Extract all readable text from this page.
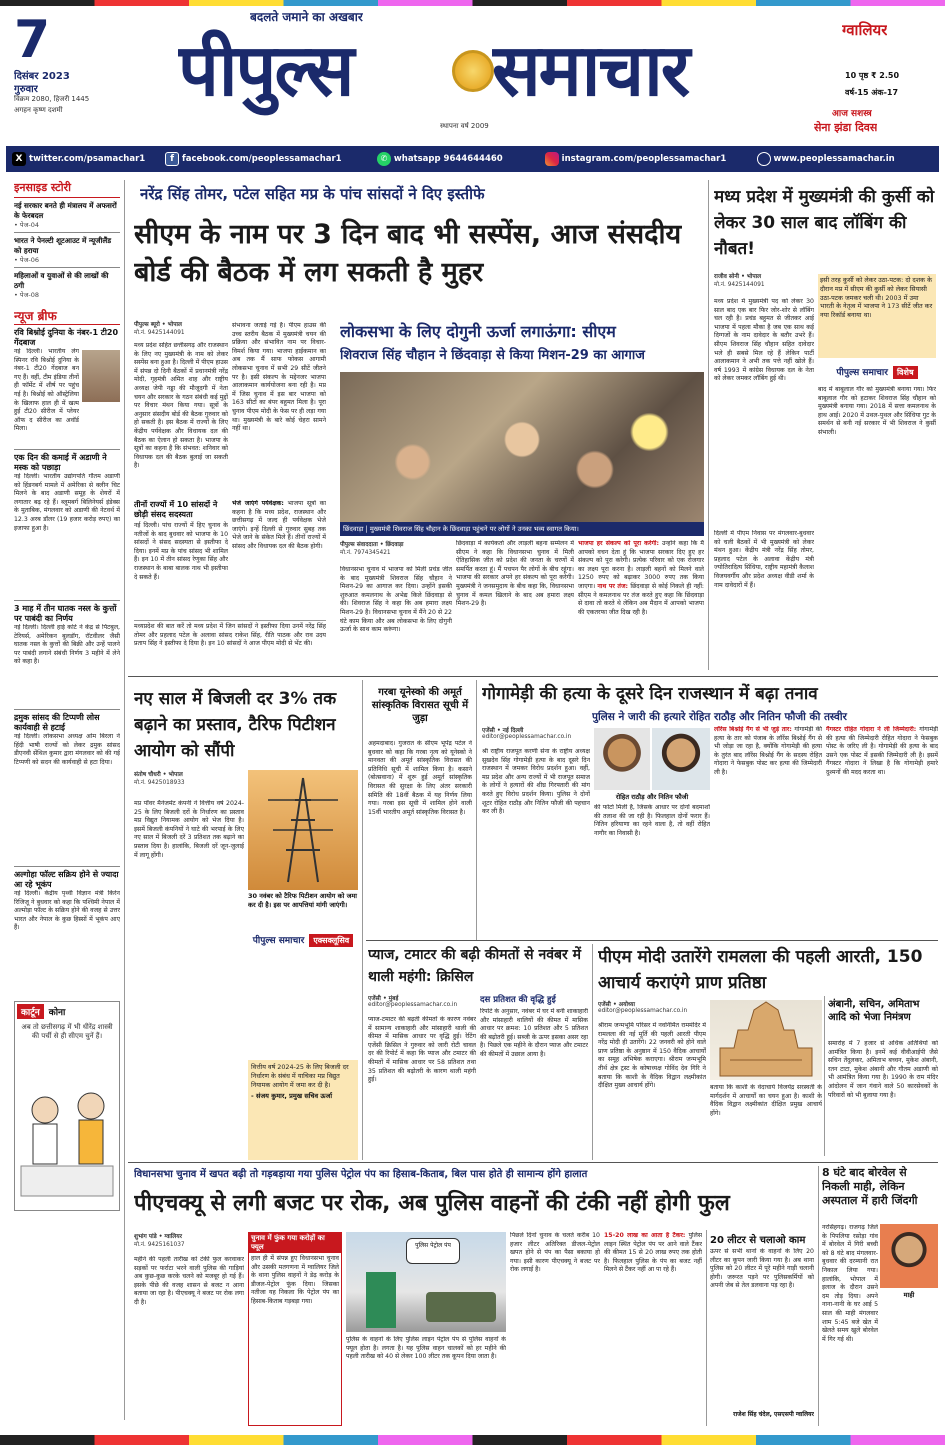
7
दिसंबर 2023
गुरुवार
विक्रम 2080, हिजरी 1445
अगहन कृष्ण दशमी
बदलते जमाने का अखबार
पीपुल्स	समाचार
स्थापना वर्ष 2009
ग्वालियर
10 पृष्ठ ₹ 2.50
वर्ष-15 अंक-17
आज सशस्त्र
सेना झंडा दिवस
X twitter.com/psamachar1	f facebook.com/peoplessamachar1	✆ whatsapp 9644644460	instagram.com/peoplessamachar1	www.peoplessamachar.in
इनसाइड स्टोरी
नई सरकार बनते ही मंत्रालय में अफसरों के फेरबदल
• पेज-04
भारत ने पेनल्टी शूटआउट में न्यूजीलैंड को हराया
• पेज-06
महिलाओं व युवाओं से की लाखों की ठगी
• पेज-08
न्यूज ब्रीफ
रवि बिश्नोई दुनिया के नंबर-1 टी20 गेंदबाज
नई दिल्ली। भारतीय लेग स्पिनर रवि बिश्नोई दुनिया के नंबर-1 टी20 गेंदबाज बन गए हैं। वहीं, टीम इंडिया तीनों ही फॉर्मेट में शीर्ष पर पहुंच गई है। बिश्नोई को ऑस्ट्रेलिया के खिलाफ हाल ही में खत्म हुई टी20 सीरीज में प्लेयर ऑफ द सीरीज का अवॉर्ड मिला।
एक दिन की कमाई में अडाणी ने मस्क को पछाड़ा
नई दिल्ली। भारतीय उद्योगपति गौतम अडाणी को हिंडनबर्ग मामले में अमेरिका से क्लीन चिट मिलने के बाद अडाणी समूह के शेयरों में लगातार बढ़ रहे हैं। ब्लूमबर्ग बिलिनेयर्स इंडेक्स के मुताबिक, मंगलवार को अडाणी की नेटवर्थ में 12.3 अरब डॉलर (19 हजार करोड़ रुपए) का इजाफा हुआ है।
3 माह में तीन घातक नस्ल के कुत्तों पर पाबंदी का निर्णय
नई दिल्ली। दिल्ली हाई कोर्ट ने केंद्र से पिटबुल, टेरियर्स, अमेरिकन बुलडॉग, रॉटवीलर जैसी घातक नस्ल के कुत्तों की बिक्री और उन्हें पालने पर पाबंदी लगाने संबंधी निर्णय 3 महीने में लेने को कहा है।
द्रमुक सांसद की टिप्पणी लोस कार्यवाही से हटाई
नई दिल्ली। लोकसभा अध्यक्ष ओम बिरला ने हिंदी भाषी राज्यों को लेकर द्रमुक सांसद डीएनवी सेंथिल कुमार द्वारा मंगलवार को की गई टिप्पणी को सदन की कार्यवाही से हटा दिया।
अल्गोहा फॉल्ट सक्रिय होने से ज्यादा आ रहे भूकंप
नई दिल्ली। केंद्रीय पृथ्वी विज्ञान मंत्री किरेन रिजिजू ने बुधवार को कहा कि पश्चिमी नेपाल में अल्मोड़ा फॉल्ट के सक्रिय होने की वजह से उत्तर भारत और नेपाल के कुछ हिस्सों में भूकंप आए हैं।
कार्टून	कोना
अब तो छत्तीसगढ़ में भी धीरेंद्र शास्त्री की पर्ची से ही सीएम चुनें हैं।
नरेंद्र सिंह तोमर, पटेल सहित मप्र के पांच सांसदों ने दिए इस्तीफे
सीएम के नाम पर 3 दिन बाद भी सस्पेंस, आज संसदीय बोर्ड की बैठक में लग सकती है मुहर
पीपुल्स ब्यूरो • भोपाल
मो.नं. 9425144091
मध्य प्रदेश सहित छत्तीसगढ़ और राजस्थान के लिए नए मुख्यमंत्री के नाम को लेकर सस्पेंस बना हुआ है। दिल्ली में पीएम हाउस में संपन्न दो दिनी बैठकों में प्रधानमंत्री नरेंद्र मोदी, गृहमंत्री अमित शाह और राष्ट्रीय अध्यक्ष जेपी नड्डा की मौजूदगी में नेता चयन और सरकार के गठन संबंधी कई मुद्दों पर विचार मंथन किया गया। सूत्रों के अनुसार संसदीय बोर्ड की बैठक गुरुवार को हो सकती है। इस बैठक में राज्यों के लिए केंद्रीय पर्यवेक्षक और विधायक दल की बैठक का ऐलान हो सकता है। भाजपा के सूत्रों का कहना है कि संभवत: शनिवार को विधायक दल की बैठक बुलाई जा सकती है।
संभावना जताई गई है। पीएम हाउस की उच्च स्तरीय बैठक में मुख्यमंत्री चयन की प्रक्रिया और संभावित नाम पर विचार-विमर्श किया गया। भाजपा हाईकमान का अब तक मैं साफ फोकस आगामी लोकसभा चुनाव में सभी 29 सीटें जीतने पर है। इसी संकल्प के मद्देनजर भाजपा आलाकमान कार्ययोजना बना रही है। मप्र में जिस चुनाव में इस बार भाजपा को 163 सीटों का बंपर बहुमत मिला है। पूरा चुनाव पीएम मोदी के फेस पर ही लड़ा गया था। मुख्यमंत्री के बारे कोई चेहरा सामने नहीं था।
भेजे जाएंगे पर्यवेक्षक: भाजपा सूत्रों का कहना है कि मध्य प्रदेश, राजस्थान और छत्तीसगढ़ में जल्द ही पर्यवेक्षक भेजे जाएंगे। इन्हें दिल्ली से गुरुवार सुबह तक भेजे जाने के संकेत मिले हैं। तीनों राज्यों में सांसद और विधायक दल की बैठक होगी।
तीनों राज्यों में 10 सांसदों ने छोड़ी संसद सदस्यता
नई दिल्ली। पांच राज्यों में हिए चुनाव के नतीजों के बाद बुधवार को भाजपा के 10 सांसदों ने संसद सदस्यता से इस्तीफा दे दिया। इनमें मप्र के पांच सांसद भी शामिल हैं। इन 10 में तीन सांसद रेणुका सिंह और राजस्थान के बाबा बालक नाथ भी इस्तीफा दे सकते हैं।
मध्यप्रदेश की बात करें तो मध्य प्रदेश में जिन सांसदों ने इस्तीफा दिया उनमें नरेंद्र सिंह तोमर और प्रहलाद पटेल के अलावा सांसद राकेश सिंह, रीति पाठक और राव उदय प्रताप सिंह ने इस्तीफा दे दिया है। इन 10 सांसदों ने आज पीएम मोदी से भेंट की।
लोकसभा के लिए दोगुनी ऊर्जा लगाऊंगा: सीएम
शिवराज सिंह चौहान ने छिंदवाड़ा से किया मिशन-29 का आगाज
छिंदवाड़ा | मुख्यमंत्री शिवराज सिंह चौहान के छिंदवाड़ा पहुंचने पर लोगों ने उनका भव्य स्वागत किया।
पीपुल्स संवाददाता • छिंदवाड़ा
मो.नं. 7974345421
विधानसभा चुनाव में भाजपा को मिली प्रचंड जीत के बाद मुख्यमंत्री शिवराज सिंह चौहान ने मिशन-29 का आगाज कर दिया। उन्होंने इसकी शुरुआत कमलनाथ के अभेद्य किले छिंदवाड़ा से की। शिवराज सिंह ने कहा कि अब हमारा लक्ष्य मिशन-29 है। विधानसभा चुनाव में मैंने 20 से 22 घंटे काम किया और अब लोकसभा के लिए दोगुनी ऊर्जा के साथ काम करूंगा।
छिंदवाड़ा में कार्यकर्ता और लाड़ली बहना सम्मेलन में सीएम ने कहा कि विधानसभा चुनाव में मिली ऐतिहासिक जीत को प्रदेश की जनता के चरणों में समर्पित करता हूं। मैं पचपन पैर लोगों के बीच रहूंगा। भाजपा की सरकार अपने हर संकल्प को पूरा करेगी। मुख्यमंत्री ने जनसमुदाय के बीच कहा कि, विधानसभा चुनाव में कमल खिलाने के बाद अब हमारा लक्ष्य मिशन-29 है।
भाजपा हर संकल्प को पूरा करेगी: उन्होंने कहा कि मैं आपको वचन देता हूं कि भाजपा सरकार दिए हुए हर संकल्प को पूरा करेगी। प्रत्येक परिवार को एक रोजगार का लक्ष्य पूरा करना है। लाड़ली बहनों को मिलने वाले 1250 रुपए को बढ़ाकर 3000 रुपए तक किया जाएगा। नाथ पर तंज: छिंदवाड़ा से कोई निकले ही नहीं: सीएम ने कमलनाथ पर तंज करते हुए कहा कि छिंदवाड़ा से दावा तो करते थे लेकिन अब मैदान में आपको भाजपा की एकतरफा जीत दिख रही है।
मध्य प्रदेश में मुख्यमंत्री की कुर्सी को लेकर 30 साल बाद लॉबिंग की नौबत!
राजीव सोनी • भोपाल
मो.नं. 9425144091
मध्य प्रदेश में मुख्यमंत्री पद को लेकर 30 साल बाद एक बार फिर जोर-शोर से लॉबिंग चल रही है। प्रचंड बहुमत से जीतकर आई भाजपा में पहला मौका है जब एक साथ कई दिग्गजों के नाम दावेदार के बतौर उभरे हैं। सीएम शिवराज सिंह चौहान सहित दावेदार भले ही सबसे मिल रहे हैं लेकिन पार्टी आलाकमान ने अभी तक पत्ते नहीं खोले हैं। वर्ष 1993 में कांग्रेस विधायक दल के नेता को लेकर जमकर लॉबिंग हुई थी।
दिल्ली में पीएम निवास पर मंगलवार-बुधवार को चली बैठकों में भी मुख्यमंत्री को लेकर मंथन हुआ। केंद्रीय मंत्री नरेंद्र सिंह तोमर, प्रहलाद पटेल के अलावा केंद्रीय मंत्री ज्योतिरादित्य सिंधिया, राष्ट्रीय महामंत्री कैलाश विजयवर्गीय और प्रदेश अध्यक्ष वीडी शर्मा के नाम दावेदारों में हैं।
इसी तरह कुर्सी को लेकर उठा-पटक: दो दशक के दौरान मप्र में सीएम की कुर्सी को लेकर सियासी उठा-पटक जमकर चली थी। 2003 में उमा भारती के नेतृत्व में भाजपा ने 173 सीटें जीत कर नया रिकॉर्ड बनाया था।
पीपुल्स समाचार विशेष
बाद में बाबूलाल गौर को मुख्यमंत्री बनाया गया। फिर बाबूलाल गौर को हटाकर शिवराज सिंह चौहान को मुख्यमंत्री बनाया गया। 2018 में सत्ता कमलनाथ के हाथ आई। 2020 में उथल-पुथल और सिंधिया गुट के समर्थन से बनी नई सरकार में भी शिवराज ने कुर्सी संभाली।
नए साल में बिजली दर 3% तक बढ़ाने का प्रस्ताव, टैरिफ पिटीशन आयोग को सौंपी
संतोष चौधरी • भोपाल
मो.नं. 9425018933
30 नवंबर को टैरिफ पिटीशन आयोग को जमा कर दी है। इस पर आपत्तियां मांगी जाएंगी।
मप्र पॉवर मैनेजमेंट कंपनी ने वित्तीय वर्ष 2024-25 के लिए बिजली दरों के निर्धारण का प्रस्ताव मप्र विद्युत नियामक आयोग को भेज दिया है। इसमें बिजली कंपनियों ने घाटे की भरपाई के लिए नए साल में बिजली दरें 3 प्रतिशत तक बढ़ाने का प्रस्ताव दिया है। हालांकि, बिजली दरें जून-जुलाई में लागू होंगी।
पीपुल्स समाचार एक्सक्लूसिव
वित्तीय वर्ष 2024-25 के लिए बिजली दर निर्धारण के संबंध में याचिका मप्र विद्युत नियामक आयोग में जमा कर दी है।
- संजय कुमार, प्रमुख सचिव ऊर्जा
गरबा यूनेस्को की अमूर्त सांस्कृतिक विरासत सूची में जुड़ा
अहमदाबाद। गुजरात के सीएम भूपेंद्र पटेल ने बुधवार को कहा कि गरबा नृत्य को यूनेस्को ने मानवता की अमूर्त सांस्कृतिक विरासत की प्रतिनिधि सूची में शामिल किया है। कसाने (बोत्सवाना) में शुरू हुई अमूर्त सांस्कृतिक विरासत की सुरक्षा के लिए अंतर सरकारी समिति की 18वीं बैठक में यह निर्णय लिया गया। गरबा इस सूची में शामिल होने वाली 15वीं भारतीय अमूर्त सांस्कृतिक विरासत है।
गोगामेड़ी की हत्या के दूसरे दिन राजस्थान में बढ़ा तनाव
पुलिस ने जारी की हत्यारे रोहित राठौड़ और नितिन फौजी की तस्वीर
एजेंसी • नई दिल्ली
editor@peoplessamachar.co.in
श्री राष्ट्रीय राजपूत करणी सेना के राष्ट्रीय अध्यक्ष सुखदेव सिंह गोगामेड़ी हत्या के बाद दूसरे दिन राजस्थान में जमकर विरोध प्रदर्शन हुआ। वहीं, मप्र प्रदेश और अन्य राज्यों में भी राजपूत समाज के लोगों ने हत्यारों की शीघ्र गिरफ्तारी की मांग करते हुए विरोध प्रदर्शन किया। पुलिस ने दोनों शूटर रोहित राठौड़ और नितिन फौजी की पहचान कर ली है।
रोहित राठौड़ और नितिन फौजी
की फोटो मिली है, जिसके आधार पर दोनों बदमाशों की तलाश की जा रही है। फिलहाल दोनों फरार हैं। नितिन हरियाणा का रहने वाला है, तो वहीं रोहित नागौर का निवासी है।
लॉरेंस बिश्नोई गैंग से भी जुड़े तार: गोगामेड़ी की हत्या के तार को पंजाब के लॉरेंस बिश्नोई गैंग से भी जोड़ा जा रहा है, क्योंकि गोगामेड़ी की हत्या के तुरंत बाद लॉरेंस बिश्नोई गैंग के सदस्य रोहित गोदारा ने फेसबुक पोस्ट कर हत्या की जिम्मेदारी ली है।
गैंगस्टर रोहित गोदारा ने ली जिम्मेदारी: गोगामेड़ी की हत्या की जिम्मेदारी रोहित गोदारा ने फेसबुक पोस्ट के जरिए ली है। गोगामेड़ी की हत्या के बाद उसने एक पोस्ट में इसकी जिम्मेदारी ली है। इसमें गैंगस्टर गोदारा ने लिखा है कि गोगामेड़ी हमारे दुश्मनों की मदद करता था।
प्याज, टमाटर की बढ़ी कीमतों से नवंबर में थाली महंगी: क्रिसिल
एजेंसी • मुंबई
editor@peoplessamachar.co.in	दस प्रतिशत की वृद्धि हुई
प्याज-टमाटर की बढ़ती कीमतों के कारण नवंबर में सामान्य शाकाहारी और मांसाहारी थाली की कीमत में मासिक आधार पर वृद्धि हुई। रेटिंग एजेंसी क्रिसिल ने गुरुवार को जारी रोटी चावल दर की रिपोर्ट में कहा कि प्याज और टमाटर की कीमतों में मासिक आधार पर 58 प्रतिशत तथा 35 प्रतिशत की बढ़ोतरी के कारण थाली महंगी हुई।
रिपोर्ट के अनुसार, नवंबर में घर में बनी शाकाहारी और मांसाहारी थालियों की कीमत में मासिक आधार पर क्रमश: 10 प्रतिशत और 5 प्रतिशत की बढ़ोतरी हुई। सब्जी के ऊपर इसका असर रहा है। पिछले एक महीने के दौरान प्याज और टमाटर की कीमतों में उछाल आया है।
पीएम मोदी उतारेंगे रामलला की पहली आरती, 150 आचार्य कराएंगे प्राण प्रतिष्ठा
एजेंसी • अयोध्या
editor@peoplessamachar.co.in
श्रीराम जन्मभूमि परिसर में नवनिर्मित राममंदिर में रामलला की नई मूर्ति की पहली आरती पीएम नरेंद्र मोदी ही उतारेंगे। 22 जनवरी को होने वाले प्राण प्रतिष्ठा के अनुष्ठान में 150 वैदिक आचार्यों का समूह अभिषेक कराएगा। श्रीराम जन्मभूमि तीर्थ क्षेत्र ट्रस्ट के कोषाध्यक्ष गोविंद देव गिरि ने बताया कि काशी के वैदिक विद्वान लक्ष्मीकांत दीक्षित मुख्य आचार्य होंगे।	बताया कि काशी के वेदाचार्य विजयेंद्र सरस्वती के मार्गदर्शन में आचार्यों का चयन हुआ है। काशी के वैदिक विद्वान लक्ष्मीकांत दीक्षित प्रमुख आचार्य होंगे।
अंबानी, सचिन, अमिताभ आदि को भेजा निमंत्रण
समारोह में 7 हजार से अधिक अतिथियों को आमंत्रित किया है। इनमें कई वीवीआईपी जैसे सचिन तेंदुलकर, अमिताभ बच्चन, मुकेश अंबानी, रतन टाटा, मुकेश अंबानी और गौतम अडाणी को भी आमंत्रित किया गया है। 1990 के राम मंदिर आंदोलन में जान गंवाने वाले 50 कारसेवकों के परिवारों को भी बुलाया गया है।
विधानसभा चुनाव में खपत बढ़ी तो गड़बड़ाया गया पुलिस पेट्रोल पंप का हिसाब-किताब, बिल पास होते ही सामान्य होंगे हालात
पीएचक्यू से लगी बजट पर रोक, अब पुलिस वाहनों की टंकी नहीं होगी फुल
शुभांग पांडे • ग्वालियर
मो.नं. 9425161037
महीने की पहली तारीख को टंकी फुल करवाकर सड़कों पर फर्राटा भरने वाली पुलिस की गाड़ियां अब कुछ-कुछ करके चलने को मजबूर हो गई हैं। इसके पीछे की वजह शासन से बजट न आना बताया जा रहा है। पीएचक्यू ने बजट पर रोक लगा दी है।
चुनाव में फुंक गया करोड़ों का फ्यूल
हाल ही में संपन्न हुए विधानसभा चुनाव और उसकी मतगणना में ग्वालियर जिले के थाना पुलिस वाहनों ने डेढ़ करोड़ के डीजल-पेट्रोल फूंक दिया। जिसका नतीजा यह निकला कि पेट्रोल पंप का हिसाब-किताब गड़बड़ा गया।
पुलिस पेट्रोल पंप
पुलिस के वाहनों के लिए पुलिस लाइन पेट्रोल पंप से पुलिस वाहनों के फ्यूल होता है। लगता है। यह पुलिस वाहन चालकों को हर महीने की पहली तारीख को 40 से लेकर 100 लीटर तक कूपन दिया जाता है।
पिछले दिनों चुनाव के चलते करीब 10 हजार लीटर अतिरिक्त डीजल-पेट्रोल खपत होने से पंप का पैसा बकाया हो गया। इसी कारण पीएचक्यू ने बजट पर रोक लगाई है।
15-20 लाख का आता है टैंकर: पुलिस लाइन स्थित पेट्रोल पंप पर आने वाले टैंकर की कीमत 15 से 20 लाख रुपए तक होती है। फिलहाल पुलिस के पंप का बजट नहीं मिलने से टैंकर नहीं आ पा रहे हैं।
20 लीटर से चलाओ काम
ऊपर से सभी थानों के वाहनों के लिए 20 लीटर का कूपन जारी किया गया है। अब थाना पुलिस को 20 लीटर में पूरे महीने गाड़ी चलानी होगी। जरूरत पड़ने पर पुलिसकर्मियों को अपनी जेब से तेल डलवाना पड़ रहा है।
राजेश सिंह चंदेल, एसएसपी ग्वालियर
8 घंटे बाद बोरवेल से निकली माही, लेकिन अस्पताल में हारी जिंदगी
माही
नरसिंहगढ़। राजगढ़ जिले के पिपलिया रसोड़ा गांव में बोरवेल में गिरी बच्ची को 8 घंटे बाद मंगलवार-बुधवार की दरम्यानी रात निकाल लिया गया। हालांकि, भोपाल में इलाज के दौरान उसने दम तोड़ दिया। अपने नाना-नानी के घर आई 5 साल की माही मंगलवार शाम 5:45 बजे खेत में खेलते समय खुले बोरवेल में गिर गई थी।
